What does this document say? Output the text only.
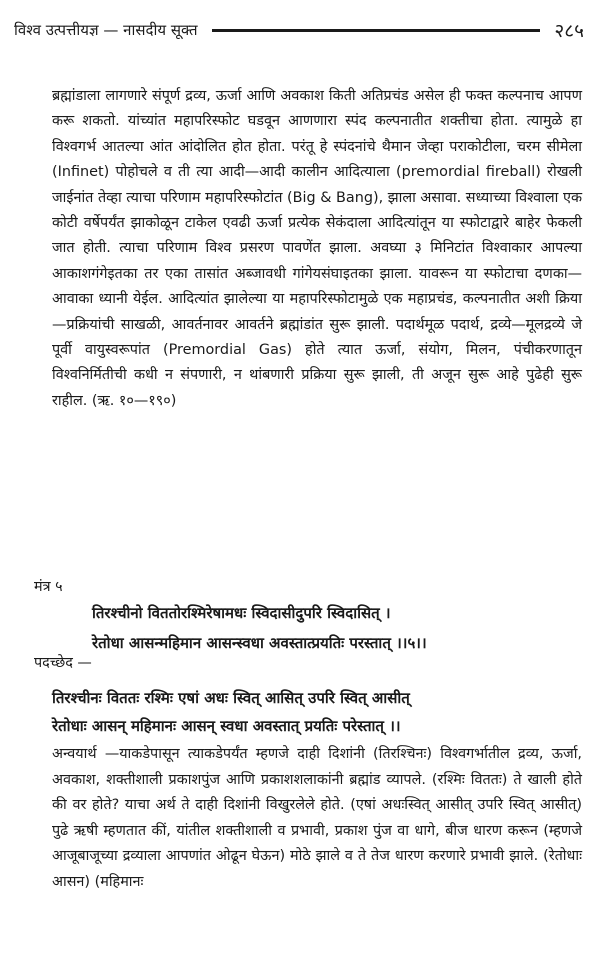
विश्व उत्पत्तीयज्ञ — नासदीय सूक्त	२८५

ब्रह्मांडाला लागणारे संपूर्ण द्रव्य, ऊर्जा आणि अवकाश किती अतिप्रचंड असेल ही फक्त कल्पनाच आपण करू शकतो. यांच्यांत महापरिस्फोट घडवून आणणारा स्पंद कल्पनातीत शक्तीचा होता. त्यामुळे हा विश्वगर्भ आतल्या आंत आंदोलित होत होता. परंतू हे स्पंदनांचे थैमान जेव्हा पराकोटीला, चरम सीमेला (Infinet) पोहोचले व ती त्या आदी—आदी कालीन आदित्याला (premordial fireball) रोखली जाईनांत तेव्हा त्याचा परिणाम महापरिस्फोटांत (Big & Bang), झाला असावा. सध्याच्या विश्वाला एक कोटी वर्षेपर्यंत झाकोळून टाकेल एवढी ऊर्जा प्रत्येक सेकंदाला आदित्यांतून या स्फोटाद्वारे बाहेर फेकली जात होती. त्याचा परिणाम विश्व प्रसरण पावणेंत झाला. अवघ्या ३ मिनिटांत विश्वाकार आपल्या आकाशगंगेइतका तर एका तासांत अब्जावधी गांगेयसंघाइतका झाला. यावरून या स्फोटाचा दणका—आवाका ध्यानी येईल. आदित्यांत झालेल्या या महापरिस्फोटामुळे एक महाप्रचंड, कल्पनातीत अशी क्रिया—प्रक्रियांची साखळी, आवर्तनावर आवर्तने ब्रह्मांडांत सुरू झाली. पदार्थमूळ पदार्थ, द्रव्ये—मूलद्रव्ये जे पूर्वी वायुस्वरूपांत (Premordial Gas) होते त्यात ऊर्जा, संयोग, मिलन, पंचीकरणातून विश्वनिर्मितीची कधी न संपणारी, न थांबणारी प्रक्रिया सुरू झाली, ती अजून सुरू आहे पुढेही सुरू राहील. (ऋ. १०—१९०)

मंत्र ५
तिरश्चीनो विततोरश्मिरेषामधः स्विदासीदुपरि स्विदासित् ।
रेतोधा आसन्महिमान आसन्स्वधा अवस्तात्प्रयतिः परस्तात् ।।५।।
पदच्छेद —
तिरश्चीनः विततः रश्मिः एषां अधः स्वित् आसित् उपरि स्वित् आसीत्
रेतोधाः आसन् महिमानः आसन् स्वधा अवस्तात् प्रयतिः परेस्तात् ।।

अन्वयार्थ —याकडेपासून त्याकडेपर्यंत म्हणजे दाही दिशांनी (तिरश्चिनः) विश्वगर्भातील द्रव्य, ऊर्जा, अवकाश, शक्तीशाली प्रकाशपुंज आणि प्रकाशशलाकांनी ब्रह्मांड व्यापले. (रश्मिः विततः) ते खाली होते की वर होते? याचा अर्थ ते दाही दिशांनी विखुरलेले होते. (एषां अधःस्वित् आसीत् उपरि स्वित् आसीत्) पुढे ऋषी म्हणतात कीं, यांतील शक्तीशाली व प्रभावी, प्रकाश पुंज वा धागे, बीज धारण करून (म्हणजे आजूबाजूच्या द्रव्याला आपणांत ओढून घेऊन) मोठे झाले व ते तेज धारण करणारे प्रभावी झाले. (रेतोधाः आसन) (महिमानः
